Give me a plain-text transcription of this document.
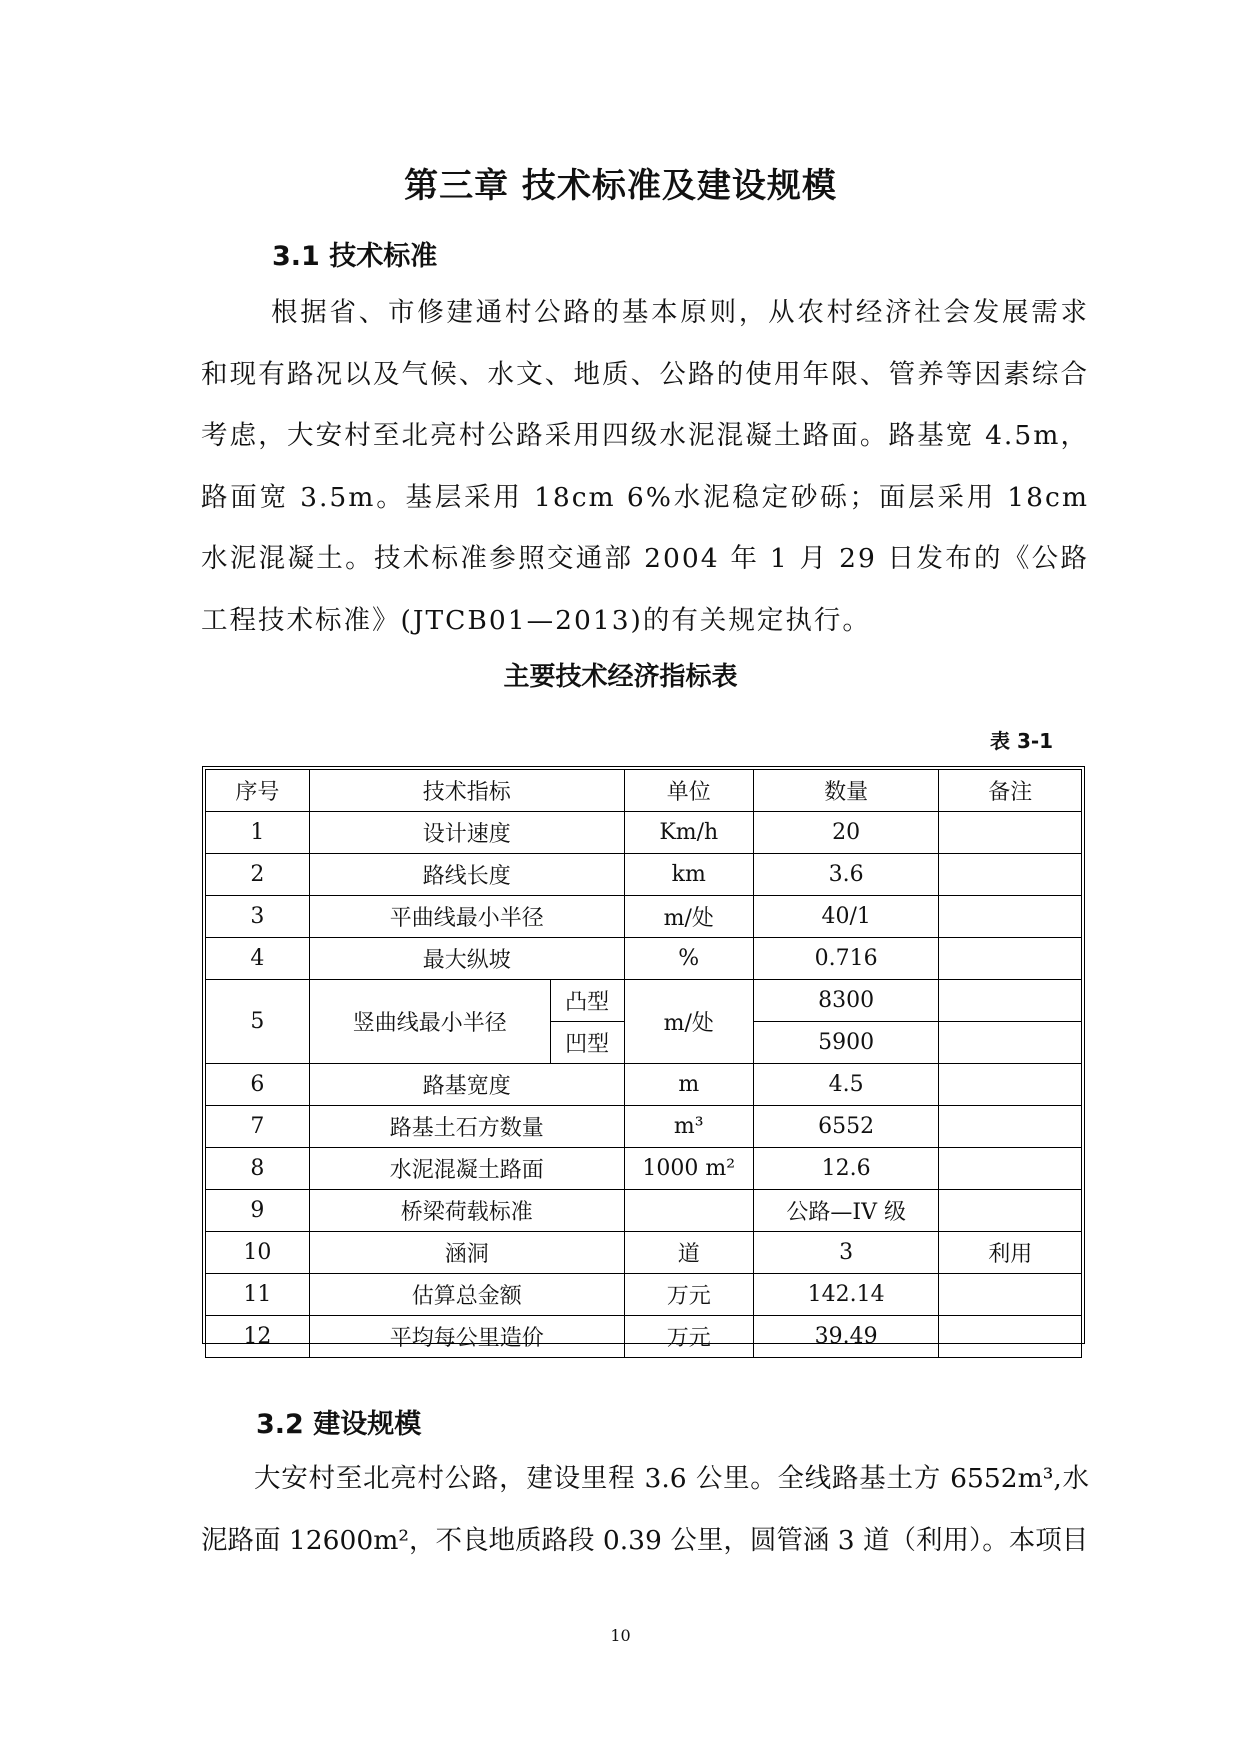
第三章 技术标准及建设规模
3.1 技术标准

根据省、市修建通村公路的基本原则，从农村经济社会发展需求和现有路况以及气候、水文、地质、公路的使用年限、管养等因素综合考虑，大安村至北亮村公路采用四级水泥混凝土路面。路基宽 4.5m，路面宽 3.5m。基层采用 18cm 6%水泥稳定砂砾；面层采用 18cm 水泥混凝土。技术标准参照交通部 2004 年 1 月 29 日发布的《公路工程技术标准》(JTCB01—2013)的有关规定执行。

主要技术经济指标表
表 3-1
序号	技术指标		单位	数量	备注
1	设计速度		Km/h	20	
2	路线长度		km	3.6	
3	平曲线最小半径		m/处	40/1	
4	最大纵坡		%	0.716	
5	竖曲线最小半径	凸型	m/处	8300	
		凹型		5900	
6	路基宽度		m	4.5	
7	路基土石方数量		m³	6552	
8	水泥混凝土路面		1000 m²	12.6	
9	桥梁荷载标准			公路—IV 级	
10	涵洞		道	3	利用
11	估算总金额		万元	142.14	
12	平均每公里造价		万元	39.49	
3.2 建设规模

大安村至北亮村公路，建设里程 3.6 公里。全线路基土方 6552m³,水泥路面 12600m²，不良地质路段 0.39 公里，圆管涵 3 道（利用）。本项目

10
